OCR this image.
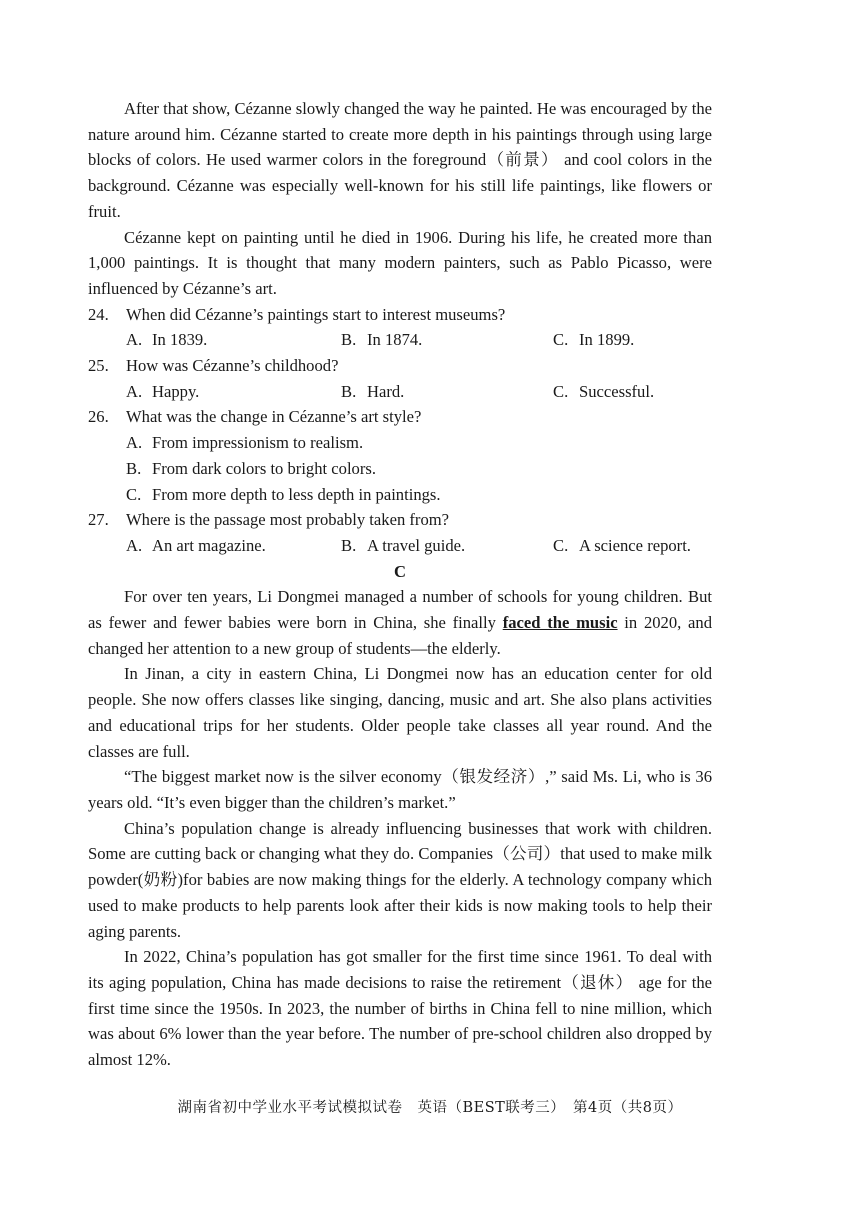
After that show, Cézanne slowly changed the way he painted. He was encouraged by the nature around him. Cézanne started to create more depth in his paintings through using large blocks of colors. He used warmer colors in the foreground（前景） and cool colors in the background. Cézanne was especially well-known for his still life paintings, like flowers or fruit.

Cézanne kept on painting until he died in 1906. During his life, he created more than 1,000 paintings. It is thought that many modern painters, such as Pablo Picasso, were influenced by Cézanne’s art.

24.	When did Cézanne’s paintings start to interest museums?

A. In 1839.	B. In 1874.	C. In 1899.

25.	How was Cézanne’s childhood?

A. Happy.	B. Hard.	C. Successful.

26.	What was the change in Cézanne’s art style?

A. From impressionism to realism.

B. From dark colors to bright colors.

C. From more depth to less depth in paintings.

27.	Where is the passage most probably taken from?

A. An art magazine.	B. A travel guide.	C. A science report.

C

For over ten years, Li Dongmei managed a number of schools for young children. But as fewer and fewer babies were born in China, she finally faced the music in 2020, and changed her attention to a new group of students—the elderly.

In Jinan, a city in eastern China, Li Dongmei now has an education center for old people. She now offers classes like singing, dancing, music and art. She also plans activities and educational trips for her students. Older people take classes all year round. And the classes are full.

“The biggest market now is the silver economy（银发经济）,” said Ms. Li, who is 36 years old. “It’s even bigger than the children’s market.”

China’s population change is already influencing businesses that work with children. Some are cutting back or changing what they do. Companies（公司）that used to make milk powder(奶粉)for babies are now making things for the elderly. A technology company which used to make products to help parents look after their kids is now making tools to help their aging parents.

In 2022, China’s population has got smaller for the first time since 1961. To deal with its aging population, China has made decisions to raise the retirement（退休） age for the first time since the 1950s. In 2023, the number of births in China fell to nine million, which was about 6% lower than the year before. The number of pre-school children also dropped by almost 12%.

湖南省初中学业水平考试模拟试卷　英语（BEST联考三）　第4页（共8页）
